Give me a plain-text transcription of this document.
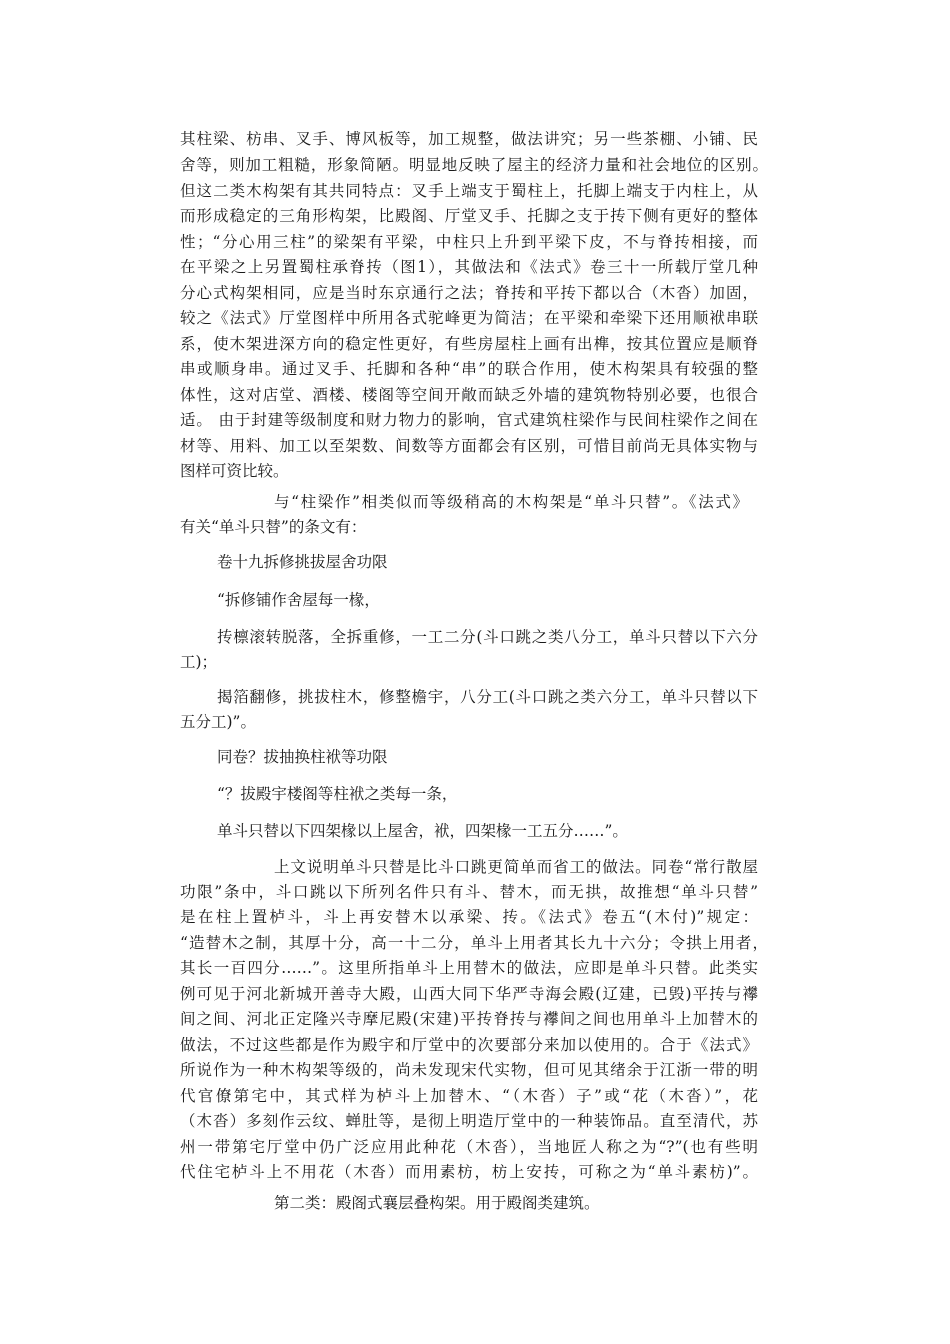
其柱梁、枋串、叉手、博风板等，加工规整，做法讲究；另一些茶棚、小铺、民
舍等，则加工粗糙，形象简陋。明显地反映了屋主的经济力量和社会地位的区别。
但这二类木构架有其共同特点：叉手上端支于蜀柱上，托脚上端支于内柱上，从
而形成稳定的三角形构架，比殿阁、厅堂叉手、托脚之支于抟下侧有更好的整体
性；“分心用三柱”的梁架有平梁，中柱只上升到平梁下皮，不与脊抟相接，而
在平梁之上另置蜀柱承脊抟（图1），其做法和《法式》卷三十一所载厅堂几种
分心式构架相同，应是当时东京通行之法；脊抟和平抟下都以合（木沓）加固，
较之《法式》厅堂图样中所用各式驼峰更为简洁；在平梁和牵梁下还用顺袱串联
系，使木架进深方向的稳定性更好，有些房屋柱上画有出榫，按其位置应是顺脊
串或顺身串。通过叉手、托脚和各种“串”的联合作用，使木构架具有较强的整
体性，这对店堂、酒楼、楼阁等空间开敞而缺乏外墙的建筑物特别必要，也很合
适。 由于封建等级制度和财力物力的影响，官式建筑柱梁作与民间柱梁作之间在
材等、用料、加工以至架数、间数等方面都会有区别，可惜目前尚无具体实物与
图样可资比较。
与“柱梁作”相类似而等级稍高的木构架是“单斗只替”。《法式》
有关“单斗只替”的条文有：
卷十九拆修挑拔屋舍功限
“拆修铺作舍屋每一椽，
抟檩滚转脱落，全拆重修，一工二分(斗口跳之类八分工，单斗只替以下六分
工)；
揭箔翻修，挑拔柱木，修整檐宇，八分工(斗口跳之类六分工，单斗只替以下
五分工)”。
同卷？拔抽换柱袱等功限
“？拔殿宇楼阁等柱袱之类每一条，
单斗只替以下四架椽以上屋舍，袱，四架椽一工五分……”。
上文说明单斗只替是比斗口跳更简单而省工的做法。同卷“常行散屋
功限”条中，斗口跳以下所列名件只有斗、替木，而无拱，故推想“单斗只替”
是在柱上置栌斗，斗上再安替木以承梁、抟。《法式》卷五“(木付)”规定：
“造替木之制，其厚十分，高一十二分，单斗上用者其长九十六分；令拱上用者，
其长一百四分……”。这里所指单斗上用替木的做法，应即是单斗只替。此类实
例可见于河北新城开善寺大殿，山西大同下华严寺海会殿(辽建，已毁)平抟与襻
间之间、河北正定隆兴寺摩尼殿(宋建)平抟脊抟与襻间之间也用单斗上加替木的
做法，不过这些都是作为殿宇和厅堂中的次要部分来加以使用的。合于《法式》
所说作为一种木构架等级的，尚未发现宋代实物，但可见其绪余于江浙一带的明
代官僚第宅中，其式样为栌斗上加替木、“（木沓）子”或“花（木沓）”，花
（木沓）多刻作云纹、蝉肚等，是彻上明造厅堂中的一种装饰品。直至清代，苏
州一带第宅厅堂中仍广泛应用此种花（木沓），当地匠人称之为“?”(也有些明
代住宅栌斗上不用花（木沓）而用素枋，枋上安抟，可称之为“单斗素枋)”。
第二类：殿阁式襄层叠构架。用于殿阁类建筑。
